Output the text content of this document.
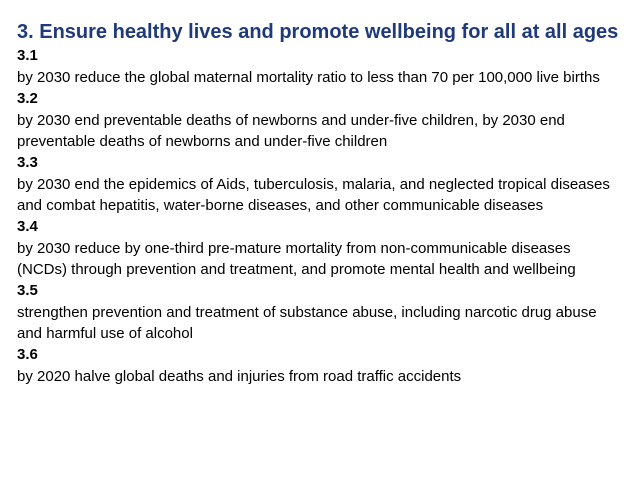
3. Ensure healthy lives and promote wellbeing for all at all ages
3.1
by 2030 reduce the global maternal mortality ratio to less than 70 per 100,000 live births
3.2
by 2030 end preventable deaths of newborns and under-five children, by 2030 end preventable deaths of newborns and under-five children
3.3
by 2030 end the epidemics of Aids, tuberculosis, malaria, and neglected tropical diseases and combat hepatitis, water-borne diseases, and other communicable diseases
3.4
by 2030 reduce by one-third pre-mature mortality from non-communicable diseases (NCDs) through prevention and treatment, and promote mental health and wellbeing
3.5
strengthen prevention and treatment of substance abuse, including narcotic drug abuse and harmful use of alcohol
3.6
by 2020 halve global deaths and injuries from road traffic accidents
